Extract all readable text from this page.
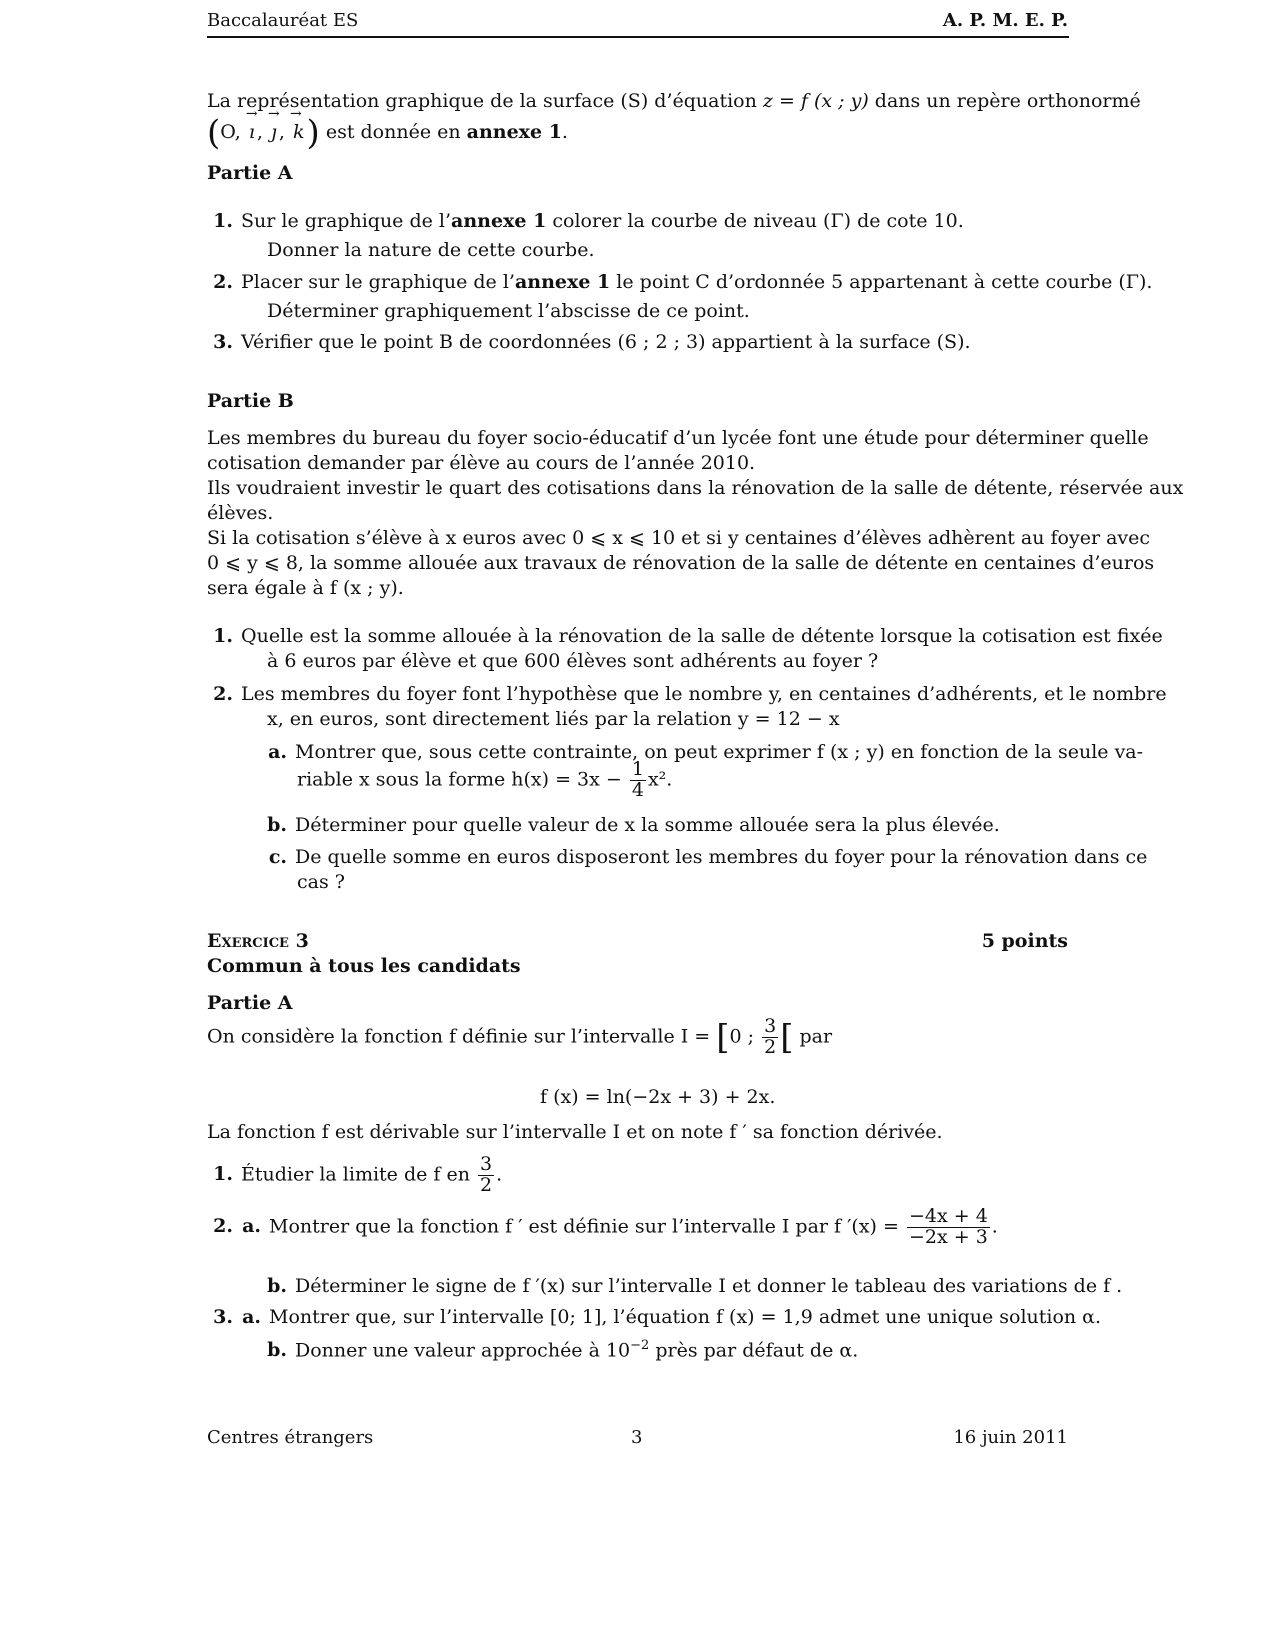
Baccalauréat ES	A. P. M. E. P.
La représentation graphique de la surface (S) d’équation z = f (x ; y) dans un repère orthonormé
(O, → ı , → ȷ , → k) est donnée en annexe 1.
Partie A
1. Sur le graphique de l’annexe 1 colorer la courbe de niveau (Γ) de cote 10.
Donner la nature de cette courbe.
2. Placer sur le graphique de l’annexe 1 le point C d’ordonnée 5 appartenant à cette courbe (Γ).
Déterminer graphiquement l’abscisse de ce point.
3. Vérifier que le point B de coordonnées (6 ; 2 ; 3) appartient à la surface (S).
Partie B
Les membres du bureau du foyer socio-éducatif d’un lycée font une étude pour déterminer quelle
cotisation demander par élève au cours de l’année 2010.
Ils voudraient investir le quart des cotisations dans la rénovation de la salle de détente, réservée aux
élèves.
Si la cotisation s’élève à x euros avec 0 ⩽ x ⩽ 10 et si y centaines d’élèves adhèrent au foyer avec
0 ⩽ y ⩽ 8, la somme allouée aux travaux de rénovation de la salle de détente en centaines d’euros
sera égale à f (x ; y).
1. Quelle est la somme allouée à la rénovation de la salle de détente lorsque la cotisation est fixée
à 6 euros par élève et que 600 élèves sont adhérents au foyer ?
2. Les membres du foyer font l’hypothèse que le nombre y, en centaines d’adhérents, et le nombre
x, en euros, sont directement liés par la relation y = 12 − x
a. Montrer que, sous cette contrainte, on peut exprimer f (x ; y) en fonction de la seule va-
riable x sous la forme $h(x) = 3x - \frac{1}{4} x^2$.
b. Déterminer pour quelle valeur de x la somme allouée sera la plus élevée.
c. De quelle somme en euros disposeront les membres du foyer pour la rénovation dans ce
cas ?
Exercice 3	5 points
Commun à tous les candidats
Partie A
On considère la fonction f définie sur l’intervalle I = [0 ; $\frac{3}{2}$ [ par
f (x) = ln(−2x + 3) + 2x.
La fonction f est dérivable sur l’intervalle I et on note f ′ sa fonction dérivée.
1. Étudier la limite de f en $\frac{3}{2}$ .
2. a. Montrer que la fonction f ′ est définie sur l’intervalle I par f $'(x) = \frac{-4x + 4}{-2x + 3}$ .
b. Déterminer le signe de f ′(x) sur l’intervalle I et donner le tableau des variations de f .
3. a. Montrer que, sur l’intervalle [0; 1], l’équation f (x) = 1,9 admet une unique solution α.
b. Donner une valeur approchée à $10^{-2}$ près par défaut de α.
Centres étrangers	3	16 juin 2011
